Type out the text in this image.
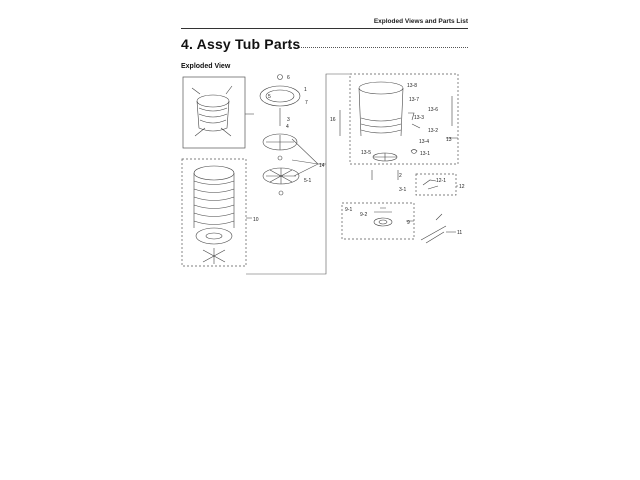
Exploded Views and Parts List
4. Assy Tub Parts
Exploded View
6
1
5
7
3
4
14
5-1
10
16
13-8
13-7
13-6
13-3
13-2
13
13-4
13-1
13-5
2
3-1
12-1
12
9-1
9-2
9
11
